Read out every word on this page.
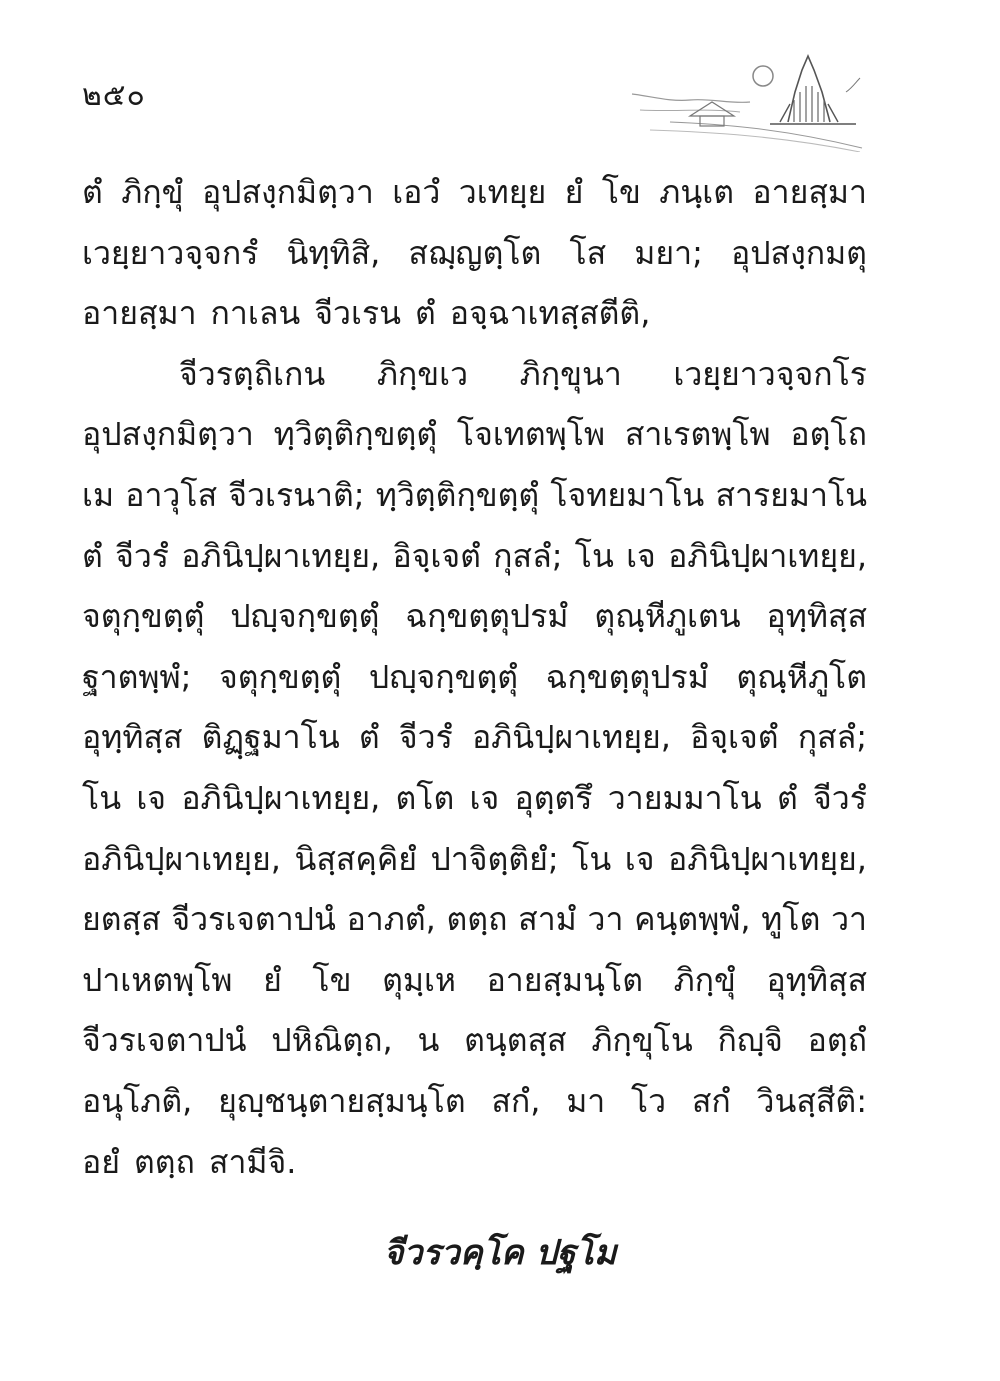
๒๕๐
ตํ ภิกฺขุํ อุปสงฺกมิตฺวา เอวํ วเทยฺย ยํ โข ภนฺเต อายสฺมา
เวยฺยาวจฺจกรํ นิทฺทิสิ, สฌฺญตฺโต โส มยา; อุปสงฺกมตุ
อายสฺมา กาเลน จีวเรน ตํ อจฺฉาเทสฺสตีติ,
จีวรตฺถิเกน ภิกฺขเว ภิกฺขุนา เวยฺยาวจฺจกโร
อุปสงฺกมิตฺวา ทฺวิตฺติกฺขตฺตุํ โจเทตพฺโพ สาเรตพฺโพ อตฺโถ
เม อาวุโส จีวเรนาติ; ทฺวิตฺติกฺขตฺตุํ โจทยมาโน สารยมาโน
ตํ จีวรํ อภินิปฺผาเทยฺย, อิจฺเจตํ กุสลํ; โน เจ อภินิปฺผาเทยฺย,
จตุกฺขตฺตุํ ปญฺจกฺขตฺตุํ ฉกฺขตฺตุปรมํ ตุณฺหีภูเตน อุทฺทิสฺส
ฐาตพฺพํ; จตุกฺขตฺตุํ ปญฺจกฺขตฺตุํ ฉกฺขตฺตุปรมํ ตุณฺหีภูโต
อุทฺทิสฺส ติฏฺฐมาโน ตํ จีวรํ อภินิปฺผาเทยฺย, อิจฺเจตํ กุสลํ;
โน เจ อภินิปฺผาเทยฺย, ตโต เจ อุตฺตรึ วายมมาโน ตํ จีวรํ
อภินิปฺผาเทยฺย, นิสฺสคฺคิยํ ปาจิตฺติยํ; โน เจ อภินิปฺผาเทยฺย,
ยตสฺส จีวรเจตาปนํ อาภตํ, ตตฺถ สามํ วา คนฺตพฺพํ, ทูโต วา
ปาเหตพฺโพ ยํ โข ตุมฺเห อายสฺมนฺโต ภิกฺขุํ อุทฺทิสฺส
จีวรเจตาปนํ ปหิณิตฺถ, น ตนฺตสฺส ภิกฺขุโน กิญฺจิ อตฺถํ
อนุโภติ, ยุญฺชนฺตายสฺมนฺโต สกํ, มา โว สกํ วินสฺสีติ:
อยํ ตตฺถ สามีจิ.
จีวรวคฺโค ปฐโม
